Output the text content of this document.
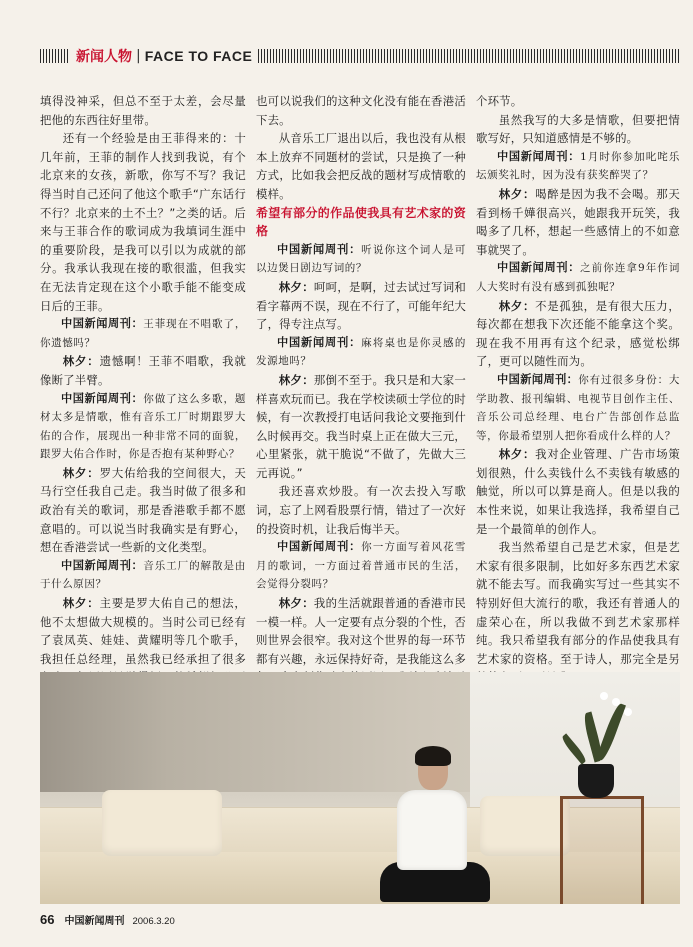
新闻人物 | FACE TO FACE

填得没神采，但总不至于太差，会尽量把他的东西往好里带。

还有一个经验是由王菲得来的：十几年前，王菲的制作人找到我说，有个北京来的女孩，新歌，你写不写？我记得当时自己还问了他这个歌手“广东话行不行？北京来的土不土？”之类的话。后来与王菲合作的歌词成为我填词生涯中的重要阶段，是我可以引以为成就的部分。我承认我现在接的歌很滥，但我实在无法肯定现在这个小歌手能不能变成日后的王菲。

中国新闻周刊：王菲现在不唱歌了，你遗憾吗？

林夕：遗憾啊！王菲不唱歌，我就像断了半臂。

中国新闻周刊：你做了这么多歌，题材太多是情歌，惟有音乐工厂时期跟罗大佑的合作，展现出一种非常不同的面貌，跟罗大佑合作时，你是否抱有某种野心？

林夕：罗大佑给我的空间很大，天马行空任我自己走。我当时做了很多和政治有关的歌词，那是香港歌手都不愿意唱的。可以说当时我确实是有野心，想在香港尝试一些新的文化类型。

中国新闻周刊：音乐工厂的解散是由于什么原因？

林夕：主要是罗大佑自己的想法，他不太想做大规模的。当时公司已经有了袁凤英、娃娃、黄耀明等几个歌手，我担任总经理，虽然我已经承担了很多

也可以说我们的这种文化没有能在香港活下去。

从音乐工厂退出以后，我也没有从根本上放弃不同题材的尝试，只是换了一种方式，比如我会把反战的题材写成情歌的模样。

希望有部分的作品使我具有艺术家的资格

中国新闻周刊：听说你这个词人是可以边煲日剧边写词的？

林夕：呵呵，是啊，过去试过写词和看字幕两不误，现在不行了，可能年纪大了，得专注点写。

中国新闻周刊：麻将桌也是你灵感的发源地吗？

林夕：那倒不至于。我只是和大家一样喜欢玩而已。我在学校读硕士学位的时候，有一次教授打电话问我论文要拖到什么时候再交。我当时桌上正在做大三元，心里紧张，就干脆说“不做了，先做大三元再说。”

我还喜欢炒股。有一次去投入写歌词，忘了上网看股票行情，错过了一次好的投资时机，让我后悔半天。

中国新闻周刊：你一方面写着风花雪月的歌词，一方面过着普通市民的生活，会觉得分裂吗？

林夕：我的生活就跟普通的香港市民一模一样。人一定要有点分裂的个性，否则世界会很窄。我对这个世界的每一环节都有兴趣，永远保持好奇，是我能这么多

个环节。

虽然我写的大多是情歌，但要把情歌写好，只知道感情是不够的。

中国新闻周刊：1月时你参加叱咤乐坛颁奖礼时，因为没有获奖醉哭了？

林夕：喝醉是因为我不会喝。那天看到杨千嬅很高兴，她跟我开玩笑，我喝多了几杯，想起一些感情上的不如意事就哭了。

中国新闻周刊：之前你连拿9年作词人大奖时有没有感到孤独呢？

林夕：不是孤独，是有很大压力，每次都在想我下次还能不能拿这个奖。现在我不用再有这个纪录，感觉松绑了，更可以随性而为。

中国新闻周刊：你有过很多身份：大学助教、报刊编辑、电视节目创作主任、音乐公司总经理、电台广告部创作总监等，你最希望别人把你看成什么样的人？

林夕：我对企业管理、广告市场策划很熟，什么卖钱什么不卖钱有敏感的触觉，所以可以算是商人。但是以我的本性来说，如果让我选择，我希望自己是一个最简单的创作人。

我当然希望自己是艺术家，但是艺术家有很多限制，比如好多东西艺术家就不能去写。而我确实写过一些其实不特别好但大流行的歌，我还有普通人的虚荣心在，所以我做不到艺术家那样纯。我只希望我有部分的作品使我具有艺术家的资格。至于诗人，那完全是另

66 中国新闻周刊 2006.3.20
